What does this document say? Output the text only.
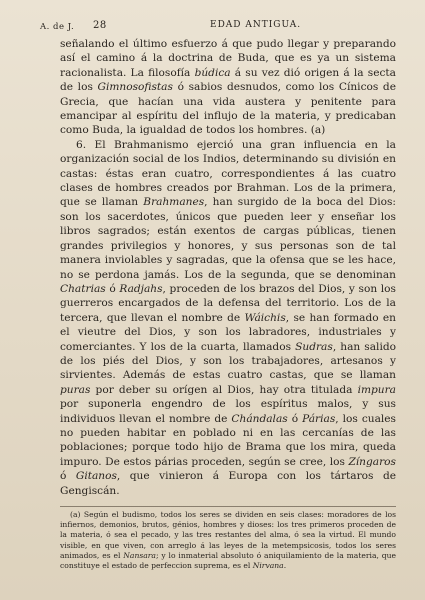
A. de J. 28	EDAD ANTIGUA.

señalando el último esfuerzo á que pudo llegar y preparando así el camino á la doctrina de Buda, que es ya un sistema racionalista. La filosofía búdica á su vez dió origen á la secta de los Gimnosofistas ó sabios desnudos, como los Cínicos de Grecia, que hacían una vida austera y penitente para emancipar al espíritu del influjo de la materia, y predicaban como Buda, la igualdad de todos los hombres. (a)

6. El Brahmanismo ejerció una gran influencia en la organización social de los Indios, determinando su división en castas: éstas eran cuatro, correspondientes á las cuatro clases de hombres creados por Brahman. Los de la primera, que se llaman Brahmanes, han surgido de la boca del Dios: son los sacerdotes, únicos que pueden leer y enseñar los libros sagrados; están exentos de cargas públicas, tienen grandes privilegios y honores, y sus personas son de tal manera inviolables y sagradas, que la ofensa que se les hace, no se perdona jamás. Los de la segunda, que se denominan Chatrias ó Radjahs, proceden de los brazos del Dios, y son los guerreros encargados de la defensa del territorio. Los de la tercera, que llevan el nombre de Wáichis, se han formado en el vieutre del Dios, y son los labradores, industriales y comerciantes. Y los de la cuarta, llamados Sudras, han salido de los piés del Dios, y son los trabajadores, artesanos y sirvientes. Además de estas cuatro castas, que se llaman puras por deber su orígen al Dios, hay otra titulada impura por suponerla engendro de los espíritus malos, y sus individuos llevan el nombre de Chándalas ó Párias, los cuales no pueden habitar en poblado ni en las cercanías de las poblaciones; porque todo hijo de Brama que los mira, queda impuro. De estos párias proceden, según se cree, los Zíngaros ó Gitanos, que vinieron á Europa con los tártaros de Gengiscán.

(a) Según el budismo, todos los seres se dividen en seis clases: moradores de los infiernos, demonios, brutos, génios, hombres y dioses: los tres primeros proceden de la materia, ó sea el pecado, y las tres restantes del alma, ó sea la virtud. El mundo visible, en que viven, con arreglo á las leyes de la metempsicosis, todos los seres animados, es el Nansara; y lo inmaterial absoluto ó aniquilamiento de la materia, que constituye el estado de perfeccion suprema, es el Nirvana.
